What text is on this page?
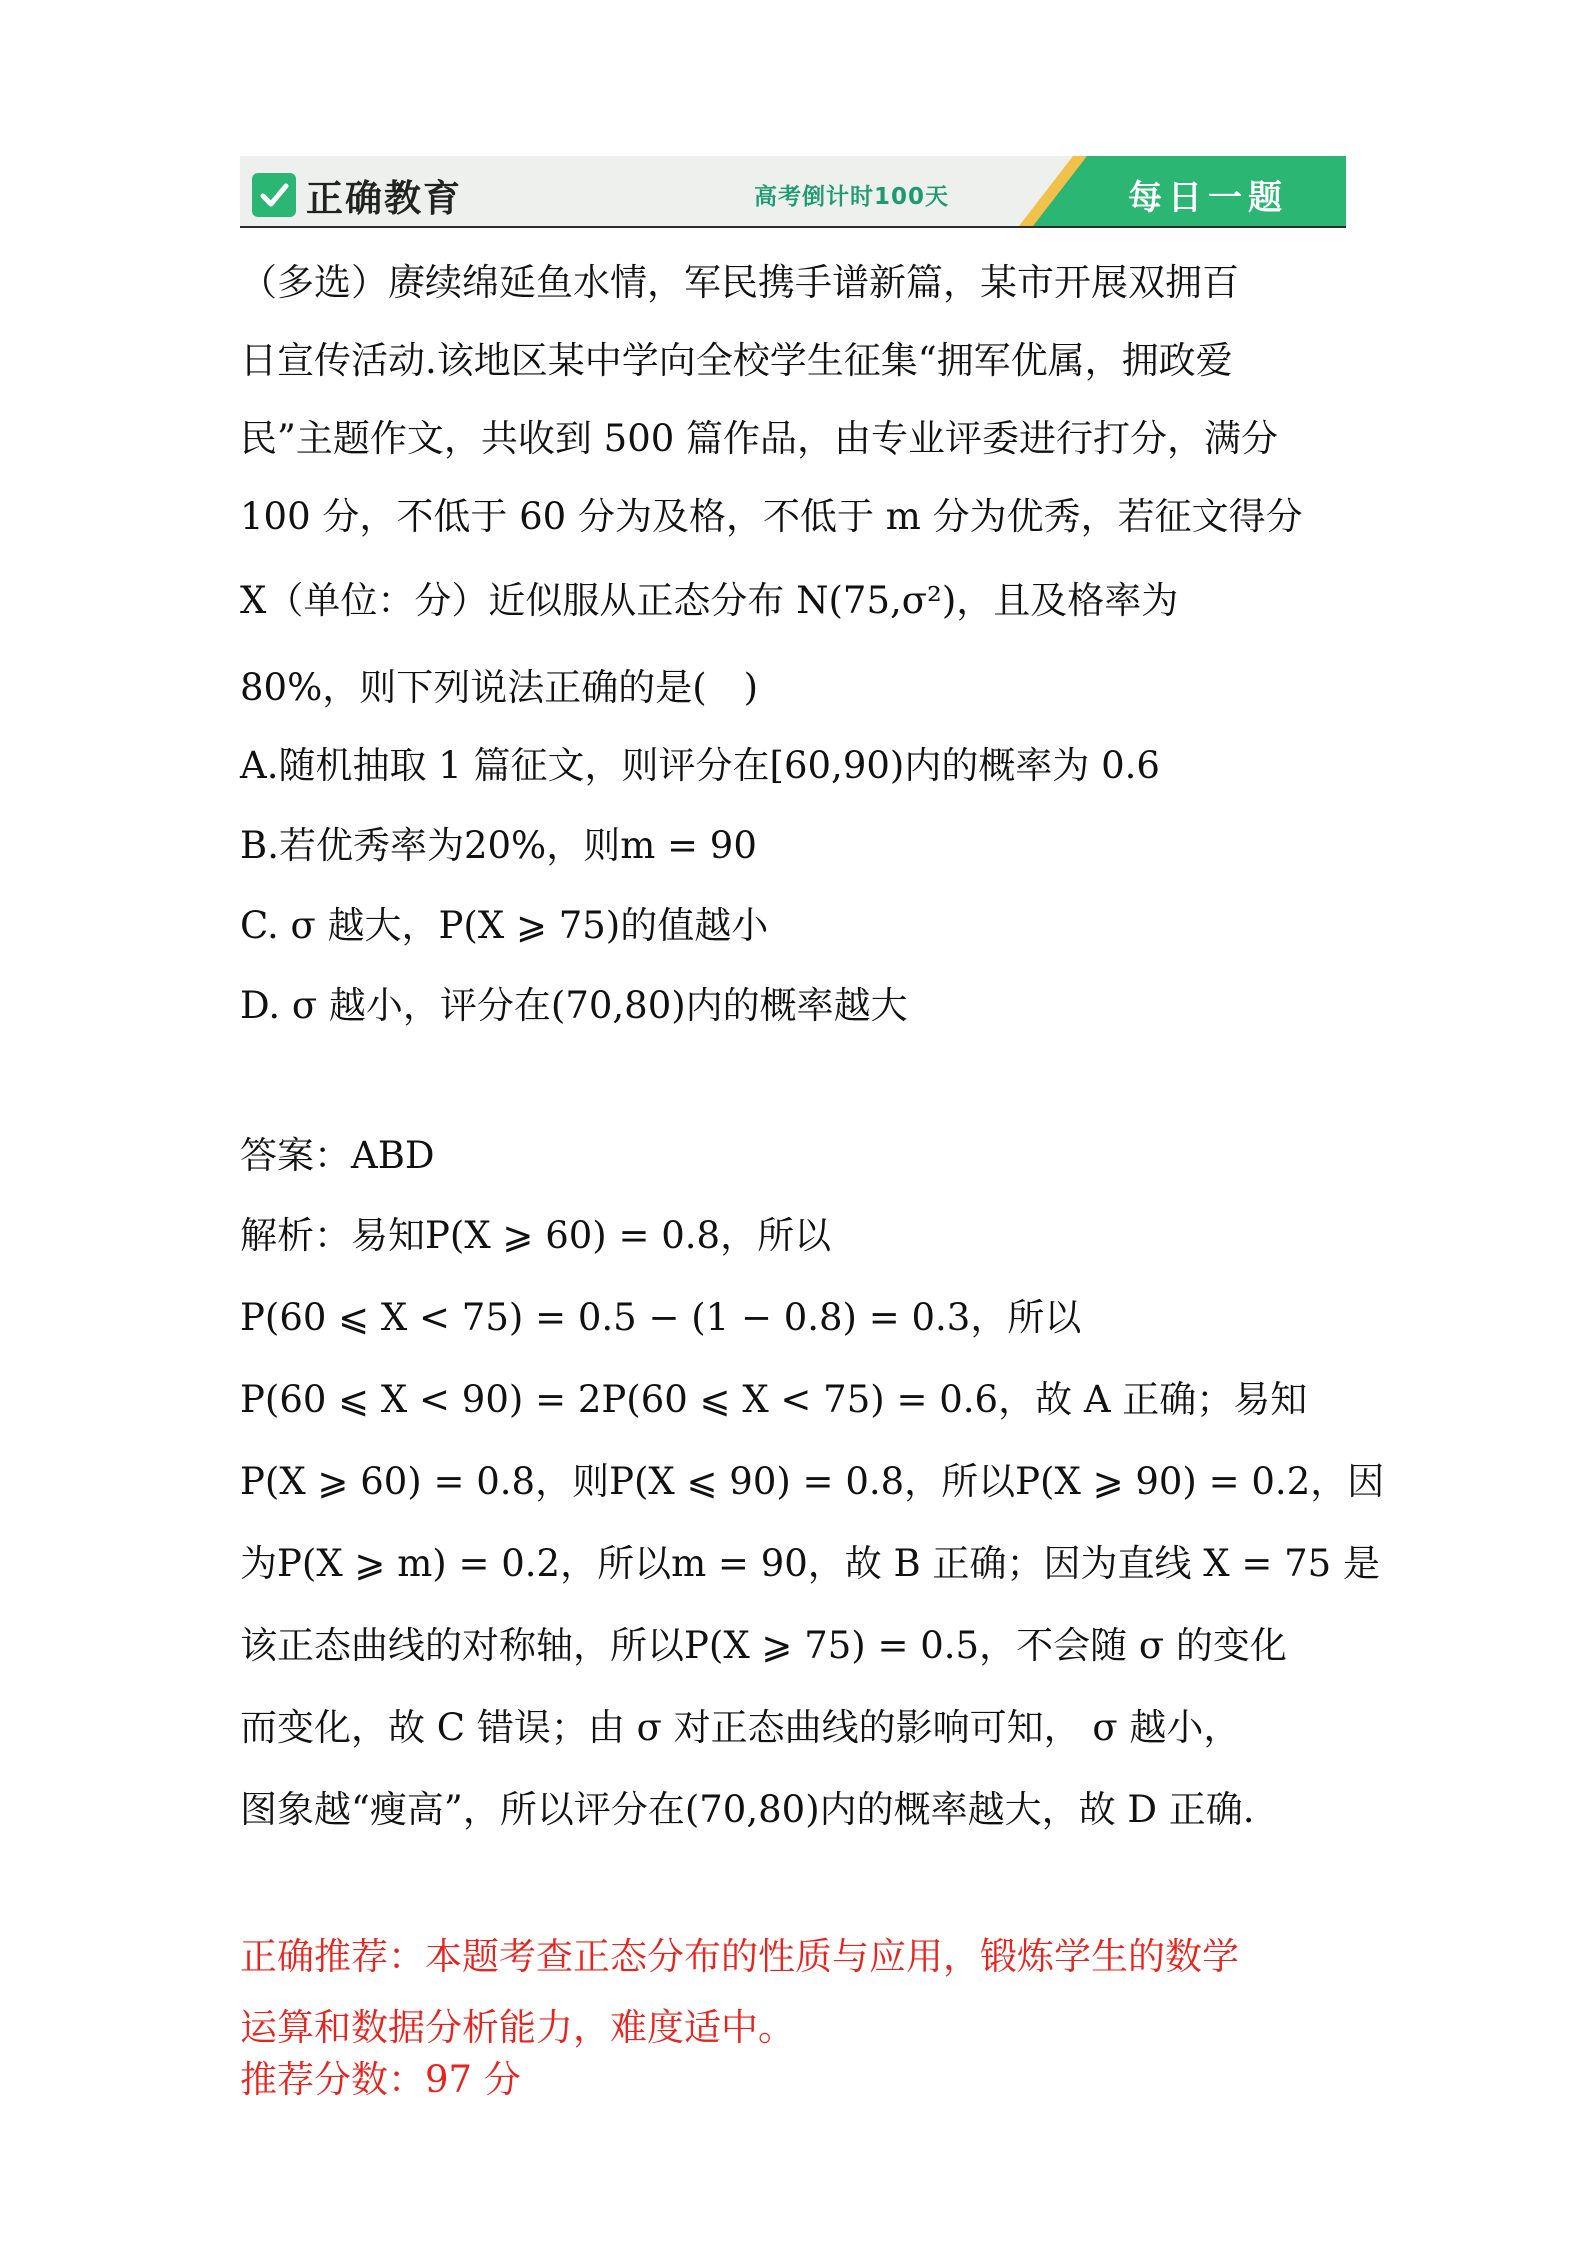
正确教育	高考倒计时100天	每日一题

（多选）赓续绵延鱼水情，军民携手谱新篇，某市开展双拥百

日宣传活动.该地区某中学向全校学生征集“拥军优属，拥政爱

民”主题作文，共收到 500 篇作品，由专业评委进行打分，满分

100 分，不低于 60 分为及格，不低于 m 分为优秀，若征文得分

X（单位：分）近似服从正态分布 N(75,σ²)，且及格率为

80%，则下列说法正确的是(　)

A.随机抽取 1 篇征文，则评分在[60,90)内的概率为 0.6

B.若优秀率为20%，则m = 90

C. σ 越大，P(X ⩾ 75)的值越小

D. σ 越小，评分在(70,80)内的概率越大

答案：ABD

解析：易知P(X ⩾ 60) = 0.8，所以

P(60 ⩽ X < 75) = 0.5 − (1 − 0.8) = 0.3，所以

P(60 ⩽ X < 90) = 2P(60 ⩽ X < 75) = 0.6，故 A 正确；易知

P(X ⩾ 60) = 0.8，则P(X ⩽ 90) = 0.8，所以P(X ⩾ 90) = 0.2，因

为P(X ⩾ m) = 0.2，所以m = 90，故 B 正确；因为直线 X = 75 是

该正态曲线的对称轴，所以P(X ⩾ 75) = 0.5，不会随 σ 的变化

而变化，故 C 错误；由 σ 对正态曲线的影响可知， σ 越小，

图象越“瘦高”，所以评分在(70,80)内的概率越大，故 D 正确.

正确推荐：本题考查正态分布的性质与应用，锻炼学生的数学

运算和数据分析能力，难度适中。

推荐分数：97 分
